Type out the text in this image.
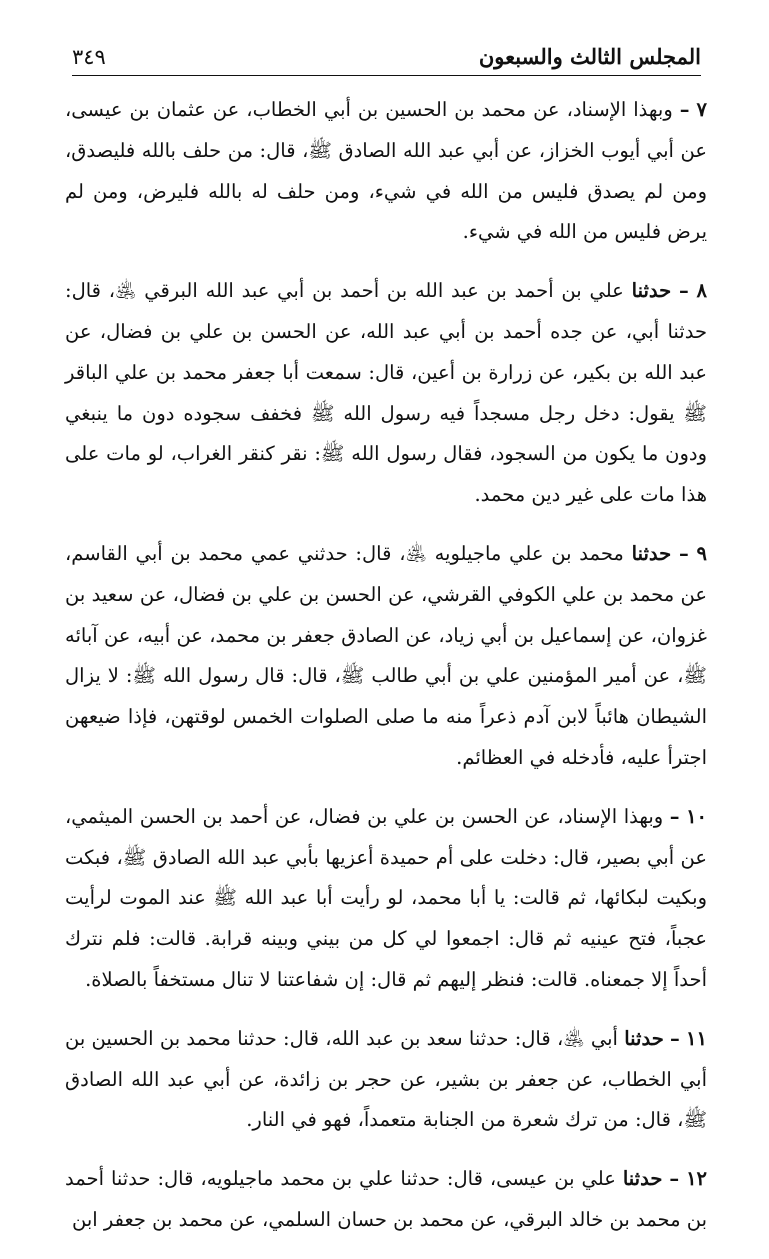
٣٤٩	المجلس الثالث والسبعون

٧ – وبهذا الإسناد، عن محمد بن الحسين بن أبي الخطاب، عن عثمان بن عيسى، عن أبي أيوب الخزاز، عن أبي عبد الله الصادق ﷺ، قال: من حلف بالله فليصدق، ومن لم يصدق فليس من الله في شيء، ومن حلف له بالله فليرض، ومن لم يرض فليس من الله في شيء.

٨ – حدثنا علي بن أحمد بن عبد الله بن أحمد بن أبي عبد الله البرقي ﵁، قال: حدثنا أبي، عن جده أحمد بن أبي عبد الله، عن الحسن بن علي بن فضال، عن عبد الله بن بكير، عن زرارة بن أعين، قال: سمعت أبا جعفر محمد بن علي الباقر ﷺ يقول: دخل رجل مسجداً فيه رسول الله ﷺ فخفف سجوده دون ما ينبغي ودون ما يكون من السجود، فقال رسول الله ﷺ: نقر كنقر الغراب، لو مات على هذا مات على غير دين محمد.

٩ – حدثنا محمد بن علي ماجيلويه ﵁، قال: حدثني عمي محمد بن أبي القاسم، عن محمد بن علي الكوفي القرشي، عن الحسن بن علي بن فضال، عن سعيد بن غزوان، عن إسماعيل بن أبي زياد، عن الصادق جعفر بن محمد، عن أبيه، عن آبائه ﷺ، عن أمير المؤمنين علي بن أبي طالب ﷺ، قال: قال رسول الله ﷺ: لا يزال الشيطان هائباً لابن آدم ذعراً منه ما صلى الصلوات الخمس لوقتهن، فإذا ضيعهن اجترأ عليه، فأدخله في العظائم.

١٠ – وبهذا الإسناد، عن الحسن بن علي بن فضال، عن أحمد بن الحسن الميثمي، عن أبي بصير، قال: دخلت على أم حميدة أعزيها بأبي عبد الله الصادق ﷺ، فبكت وبكيت لبكائها، ثم قالت: يا أبا محمد، لو رأيت أبا عبد الله ﷺ عند الموت لرأيت عجباً، فتح عينيه ثم قال: اجمعوا لي كل من بيني وبينه قرابة. قالت: فلم نترك أحداً إلا جمعناه. قالت: فنظر إليهم ثم قال: إن شفاعتنا لا تنال مستخفاً بالصلاة.

١١ – حدثنا أبي ﵁، قال: حدثنا سعد بن عبد الله، قال: حدثنا محمد بن الحسين بن أبي الخطاب، عن جعفر بن بشير، عن حجر بن زائدة، عن أبي عبد الله الصادق ﷺ، قال: من ترك شعرة من الجنابة متعمداً، فهو في النار.

١٢ – حدثنا علي بن عيسى، قال: حدثنا علي بن محمد ماجيلويه، قال: حدثنا أحمد بن محمد بن خالد البرقي، عن محمد بن حسان السلمي، عن محمد بن جعفر ابن
